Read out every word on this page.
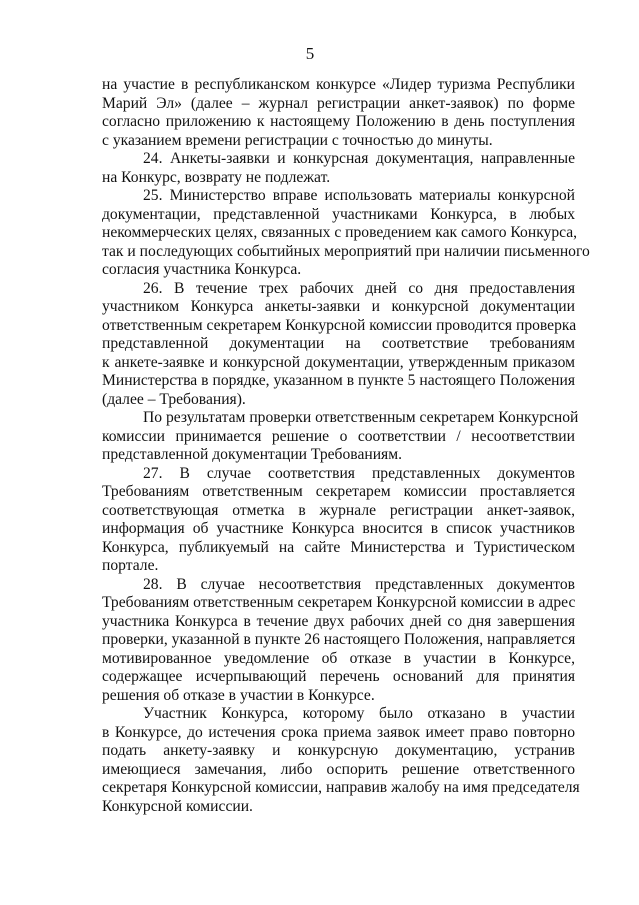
5
на участие в республиканском конкурсе «Лидер туризма Республики
Марий Эл» (далее – журнал регистрации анкет-заявок) по форме
согласно приложению к настоящему Положению в день поступления
с указанием времени регистрации с точностью до минуты.
24. Анкеты-заявки и конкурсная документация, направленные
на Конкурс, возврату не подлежат.
25. Министерство вправе использовать материалы конкурсной
документации, представленной участниками Конкурса, в любых
некоммерческих целях, связанных с проведением как самого Конкурса,
так и последующих событийных мероприятий при наличии письменного
согласия участника Конкурса.
26. В течение трех рабочих дней со дня предоставления
участником Конкурса анкеты-заявки и конкурсной документации
ответственным секретарем Конкурсной комиссии проводится проверка
представленной документации на соответствие требованиям
к анкете-заявке и конкурсной документации, утвержденным приказом
Министерства в порядке, указанном в пункте 5 настоящего Положения
(далее – Требования).
По результатам проверки ответственным секретарем Конкурсной
комиссии принимается решение о соответствии / несоответствии
представленной документации Требованиям.
27. В случае соответствия представленных документов
Требованиям ответственным секретарем комиссии проставляется
соответствующая отметка в журнале регистрации анкет-заявок,
информация об участнике Конкурса вносится в список участников
Конкурса, публикуемый на сайте Министерства и Туристическом
портале.
28. В случае несоответствия представленных документов
Требованиям ответственным секретарем Конкурсной комиссии в адрес
участника Конкурса в течение двух рабочих дней со дня завершения
проверки, указанной в пункте 26 настоящего Положения, направляется
мотивированное уведомление об отказе в участии в Конкурсе,
содержащее исчерпывающий перечень оснований для принятия
решения об отказе в участии в Конкурсе.
Участник Конкурса, которому было отказано в участии
в Конкурсе, до истечения срока приема заявок имеет право повторно
подать анкету-заявку и конкурсную документацию, устранив
имеющиеся замечания, либо оспорить решение ответственного
секретаря Конкурсной комиссии, направив жалобу на имя председателя
Конкурсной комиссии.
